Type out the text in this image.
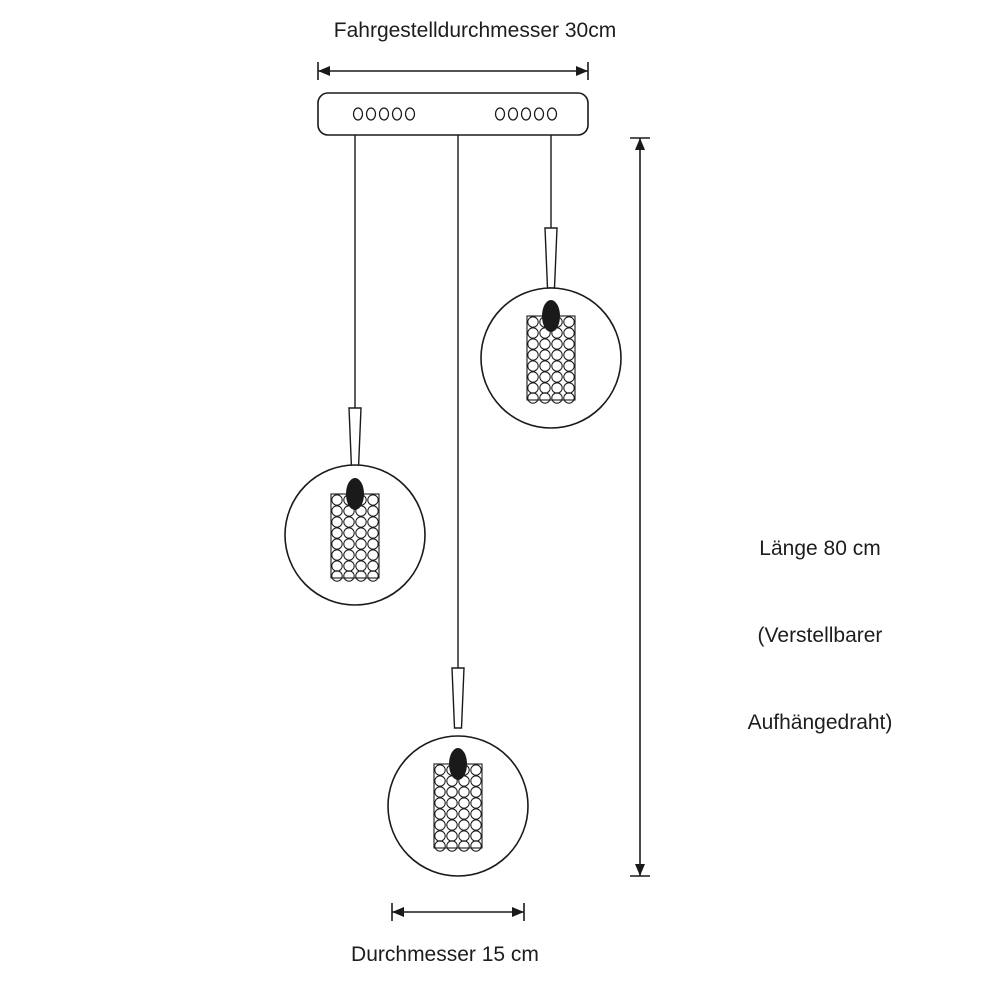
Fahrgestelldurchmesser 30cm
Durchmesser 15 cm

Länge 80 cm

(Verstellbarer

Aufhängedraht)
